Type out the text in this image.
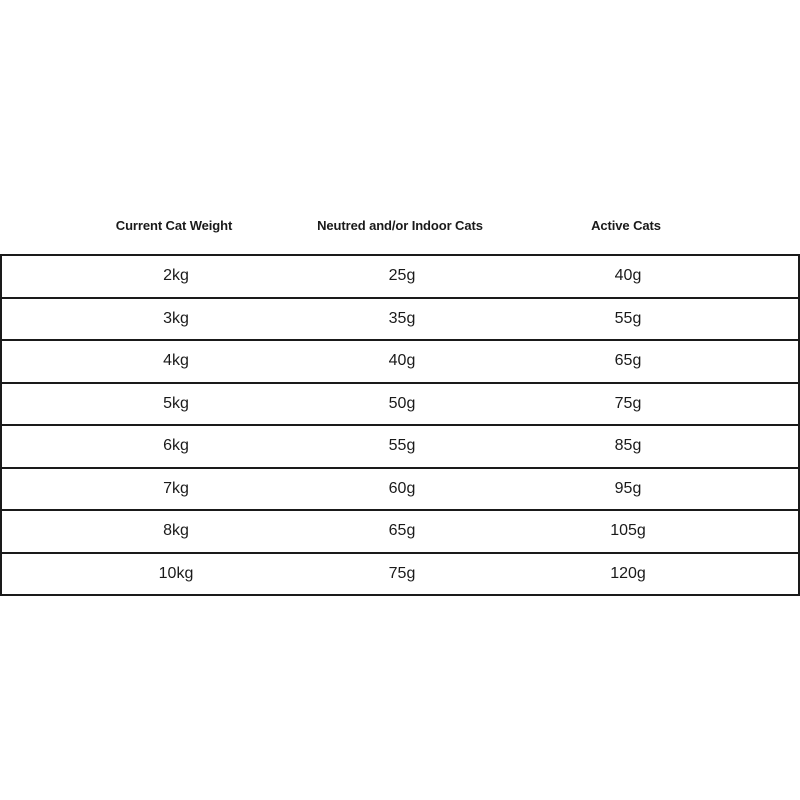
Current Cat Weight	Neutred and/or Indoor Cats	Active Cats
2kg	25g	40g
3kg	35g	55g
4kg	40g	65g
5kg	50g	75g
6kg	55g	85g
7kg	60g	95g
8kg	65g	105g
10kg	75g	120g
